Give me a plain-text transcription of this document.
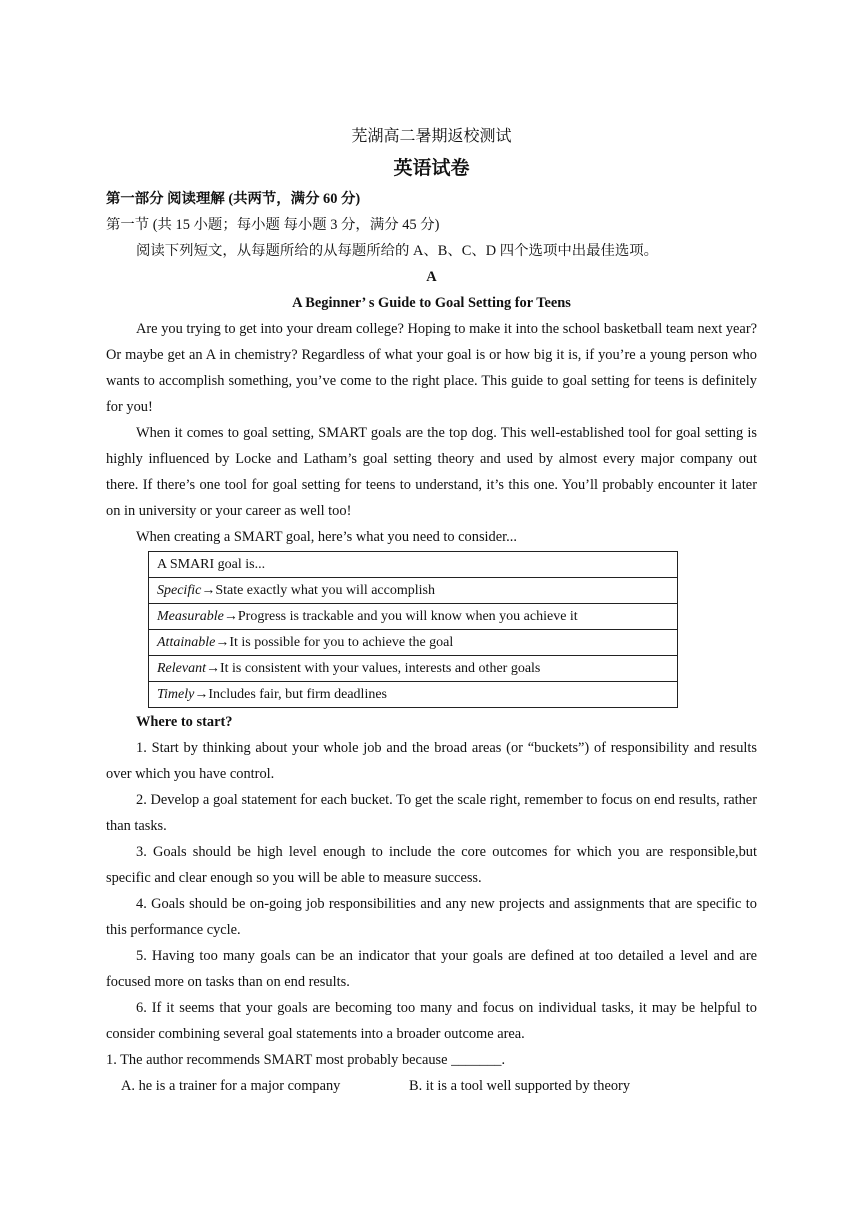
芜湖高二暑期返校测试
英语试卷
第一部分 阅读理解 (共两节，满分 60 分)
第一节 (共 15 小题；每小题 每小题 3 分，满分 45 分)
阅读下列短文，从每题所给的从每题所给的 A、B、C、D 四个选项中出最佳选项。
A
A Beginner’ s Guide to Goal Setting for Teens

Are you trying to get into your dream college? Hoping to make it into the school basketball team next year? Or maybe get an A in chemistry? Regardless of what your goal is or how big it is, if you’re a young person who wants to accomplish something, you’ve come to the right place. This guide to goal setting for teens is definitely for you!

When it comes to goal setting, SMART goals are the top dog. This well-established tool for goal setting is highly influenced by Locke and Latham’s goal setting theory and used by almost every major company out there. If there’s one tool for goal setting for teens to understand, it’s this one. You’ll probably encounter it later on in university or your career as well too!

When creating a SMART goal, here’s what you need to consider...
A SMARI goal is...
Specific→State exactly what you will accomplish
Measurable→Progress is trackable and you will know when you achieve it
Attainable→It is possible for you to achieve the goal
Relevant→It is consistent with your values, interests and other goals
Timely→Includes fair, but firm deadlines
Where to start?

1. Start by thinking about your whole job and the broad areas (or “buckets”) of responsibility and results over which you have control.

2. Develop a goal statement for each bucket. To get the scale right, remember to focus on end results, rather than tasks.

3. Goals should be high level enough to include the core outcomes for which you are responsible,but specific and clear enough so you will be able to measure success.

4. Goals should be on-going job responsibilities and any new projects and assignments that are specific to this performance cycle.

5. Having too many goals can be an indicator that your goals are defined at too detailed a level and are focused more on tasks than on end results.

6. If it seems that your goals are becoming too many and focus on individual tasks, it may be helpful to consider combining several goal statements into a broader outcome area.

1. The author recommends SMART most probably because _______.
A. he is a trainer for a major company	B. it is a tool well supported by theory
